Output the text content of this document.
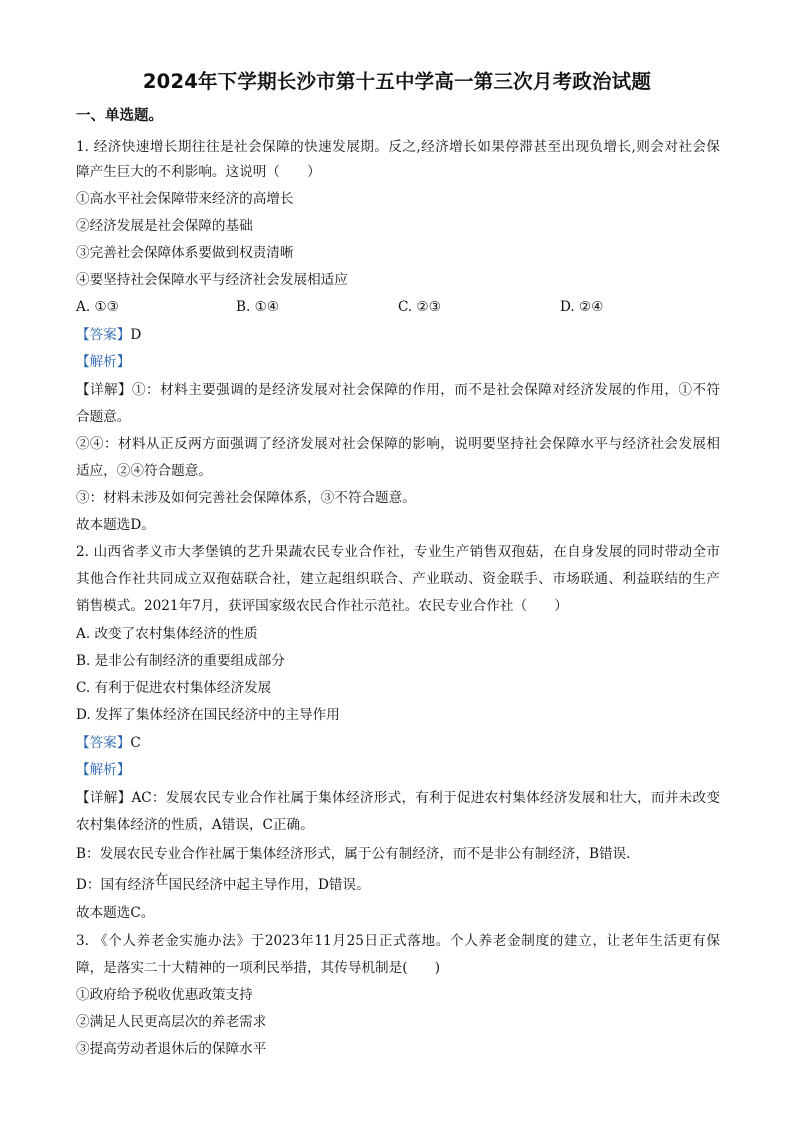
2024年下学期长沙市第十五中学高一第三次月考政治试题
一、单选题。
1. 经济快速增长期往往是社会保障的快速发展期。反之,经济增长如果停滞甚至出现负增长,则会对社会保
障产生巨大的不利影响。这说明（　　）
①高水平社会保障带来经济的高增长
②经济发展是社会保障的基础
③完善社会保障体系要做到权责清晰
④要坚持社会保障水平与经济社会发展相适应
A. ①③	B. ①④	C. ②③	D. ②④
【答案】D
【解析】
【详解】①：材料主要强调的是经济发展对社会保障的作用，而不是社会保障对经济发展的作用，①不符
合题意。
②④：材料从正反两方面强调了经济发展对社会保障的影响，说明要坚持社会保障水平与经济社会发展相
适应，②④符合题意。
③：材料未涉及如何完善社会保障体系，③不符合题意。
故本题选D。
2. 山西省孝义市大孝堡镇的艺升果蔬农民专业合作社，专业生产销售双孢菇，在自身发展的同时带动全市
其他合作社共同成立双孢菇联合社，建立起组织联合、产业联动、资金联手、市场联通、利益联结的生产
销售模式。2021年7月，获评国家级农民合作社示范社。农民专业合作社（　　）
A. 改变了农村集体经济的性质
B. 是非公有制经济的重要组成部分
C. 有利于促进农村集体经济发展
D. 发挥了集体经济在国民经济中的主导作用
【答案】C
【解析】
【详解】AC：发展农民专业合作社属于集体经济形式，有利于促进农村集体经济发展和壮大，而并未改变
农村集体经济的性质，A错误，C正确。
B：发展农民专业合作社属于集体经济形式，属于公有制经济，而不是非公有制经济，B错误.
D：国有经济在国民经济中起主导作用，D错误。
故本题选C。
3. 《个人养老金实施办法》于2023年11月25日正式落地。个人养老金制度的建立，让老年生活更有保
障，是落实二十大精神的一项利民举措，其传导机制是(　　)
①政府给予税收优惠政策支持
②满足人民更高层次的养老需求
③提高劳动者退休后的保障水平
